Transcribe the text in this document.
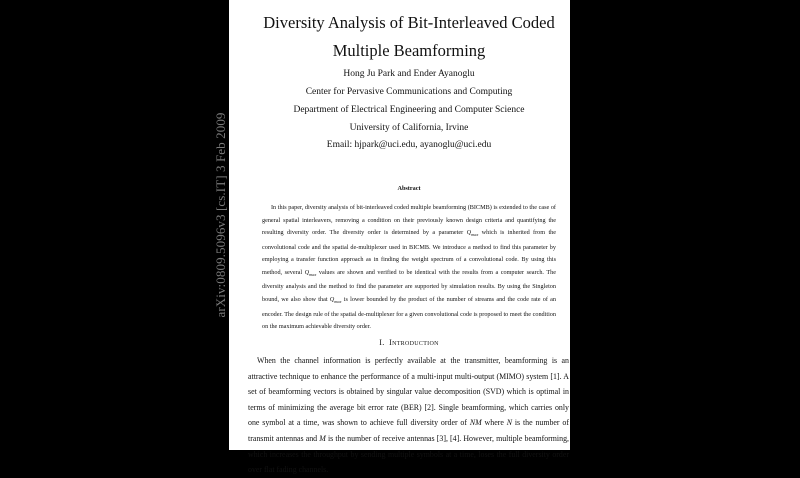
arXiv:0809.5096v3 [cs.IT] 3 Feb 2009
Diversity Analysis of Bit-Interleaved Coded
Multiple Beamforming
Hong Ju Park and Ender Ayanoglu
Center for Pervasive Communications and Computing
Department of Electrical Engineering and Computer Science
University of California, Irvine
Email: hjpark@uci.edu, ayanoglu@uci.edu
Abstract
In this paper, diversity analysis of bit-interleaved coded multiple beamforming (BICMB) is extended to the case of general spatial interleavers, removing a condition on their previously known design criteria and quantifying the resulting diversity order. The diversity order is determined by a parameter $Q_{max}$ which is inherited from the convolutional code and the spatial de-multiplexer used in BICMB. We introduce a method to find this parameter by employing a transfer function approach as in finding the weight spectrum of a convolutional code. By using this method, several $Q_{max}$ values are shown and verified to be identical with the results from a computer search. The diversity analysis and the method to find the parameter are supported by simulation results. By using the Singleton bound, we also show that $Q_{max}$ is lower bounded by the product of the number of streams and the code rate of an encoder. The design rule of the spatial de-multiplexer for a given convolutional code is proposed to meet the condition on the maximum achievable diversity order.
I. Introduction
When the channel information is perfectly available at the transmitter, beamforming is an attractive technique to enhance the performance of a multi-input multi-output (MIMO) system [1]. A set of beamforming vectors is obtained by singular value decomposition (SVD) which is optimal in terms of minimizing the average bit error rate (BER) [2]. Single beamforming, which carries only one symbol at a time, was shown to achieve full diversity order of NM where N is the number of transmit antennas and M is the number of receive antennas [3], [4]. However, multiple beamforming, which increases the throughput by sending multiple symbols at a time, loses the full diversity order over flat fading channels.
